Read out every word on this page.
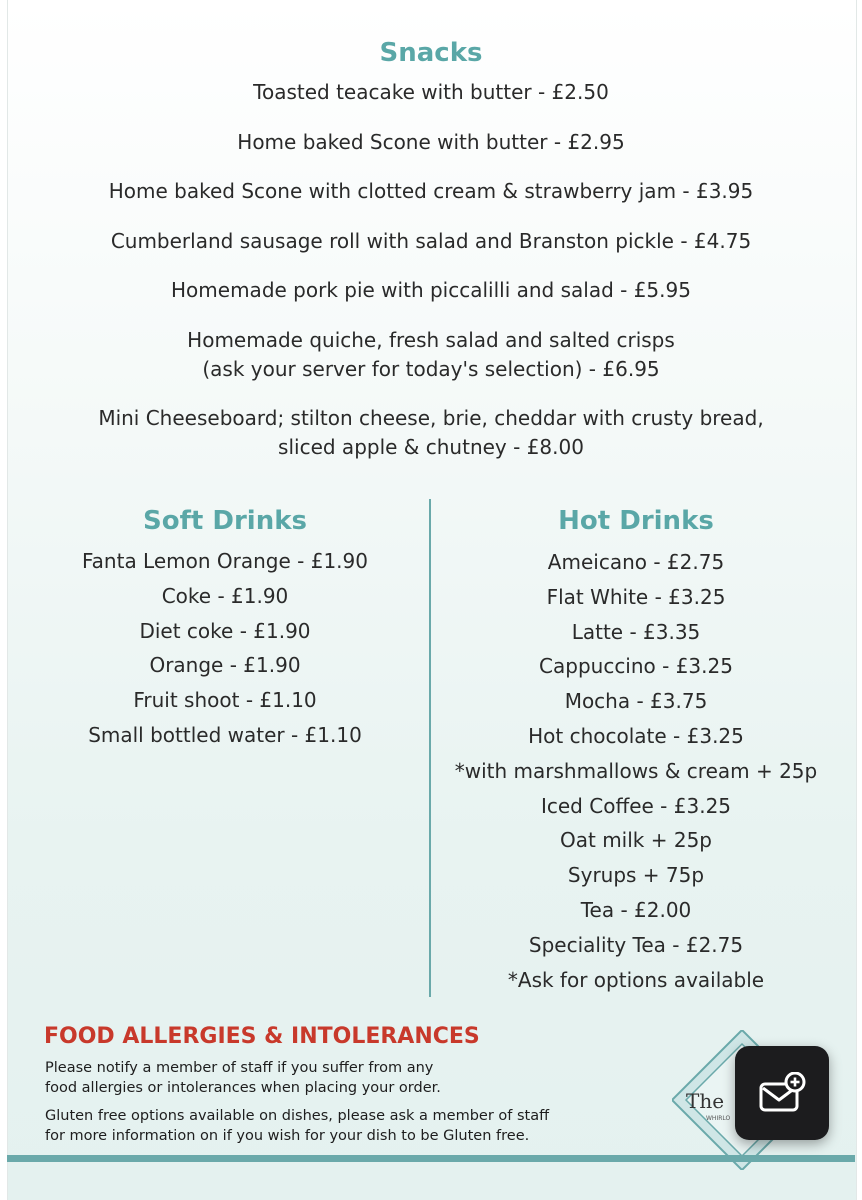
Snacks

Toasted teacake with butter - £2.50

Home baked Scone with butter - £2.95

Home baked Scone with clotted cream & strawberry jam - £3.95

Cumberland sausage roll with salad and Branston pickle - £4.75

Homemade pork pie with piccalilli and salad - £5.95

Homemade quiche, fresh salad and salted crisps
(ask your server for today's selection) - £6.95

Mini Cheeseboard; stilton cheese, brie, cheddar with crusty bread,
sliced apple & chutney - £8.00

Soft Drinks
Fanta Lemon Orange - £1.90
Coke - £1.90
Diet coke - £1.90
Orange - £1.90
Fruit shoot - £1.10
Small bottled water - £1.10
Hot Drinks
Ameicano - £2.75
Flat White - £3.25
Latte - £3.35
Cappuccino - £3.25
Mocha - £3.75
Hot chocolate - £3.25
*with marshmallows & cream + 25p
Iced Coffee - £3.25
Oat milk + 25p
Syrups + 75p
Tea - £2.00
Speciality Tea - £2.75
*Ask for options available
FOOD ALLERGIES & INTOLERANCES

Please notify a member of staff if you suffer from any
food allergies or intolerances when placing your order.

Gluten free options available on dishes, please ask a member of staff
for more information on if you wish for your dish to be Gluten free.

The
WHIRLO
